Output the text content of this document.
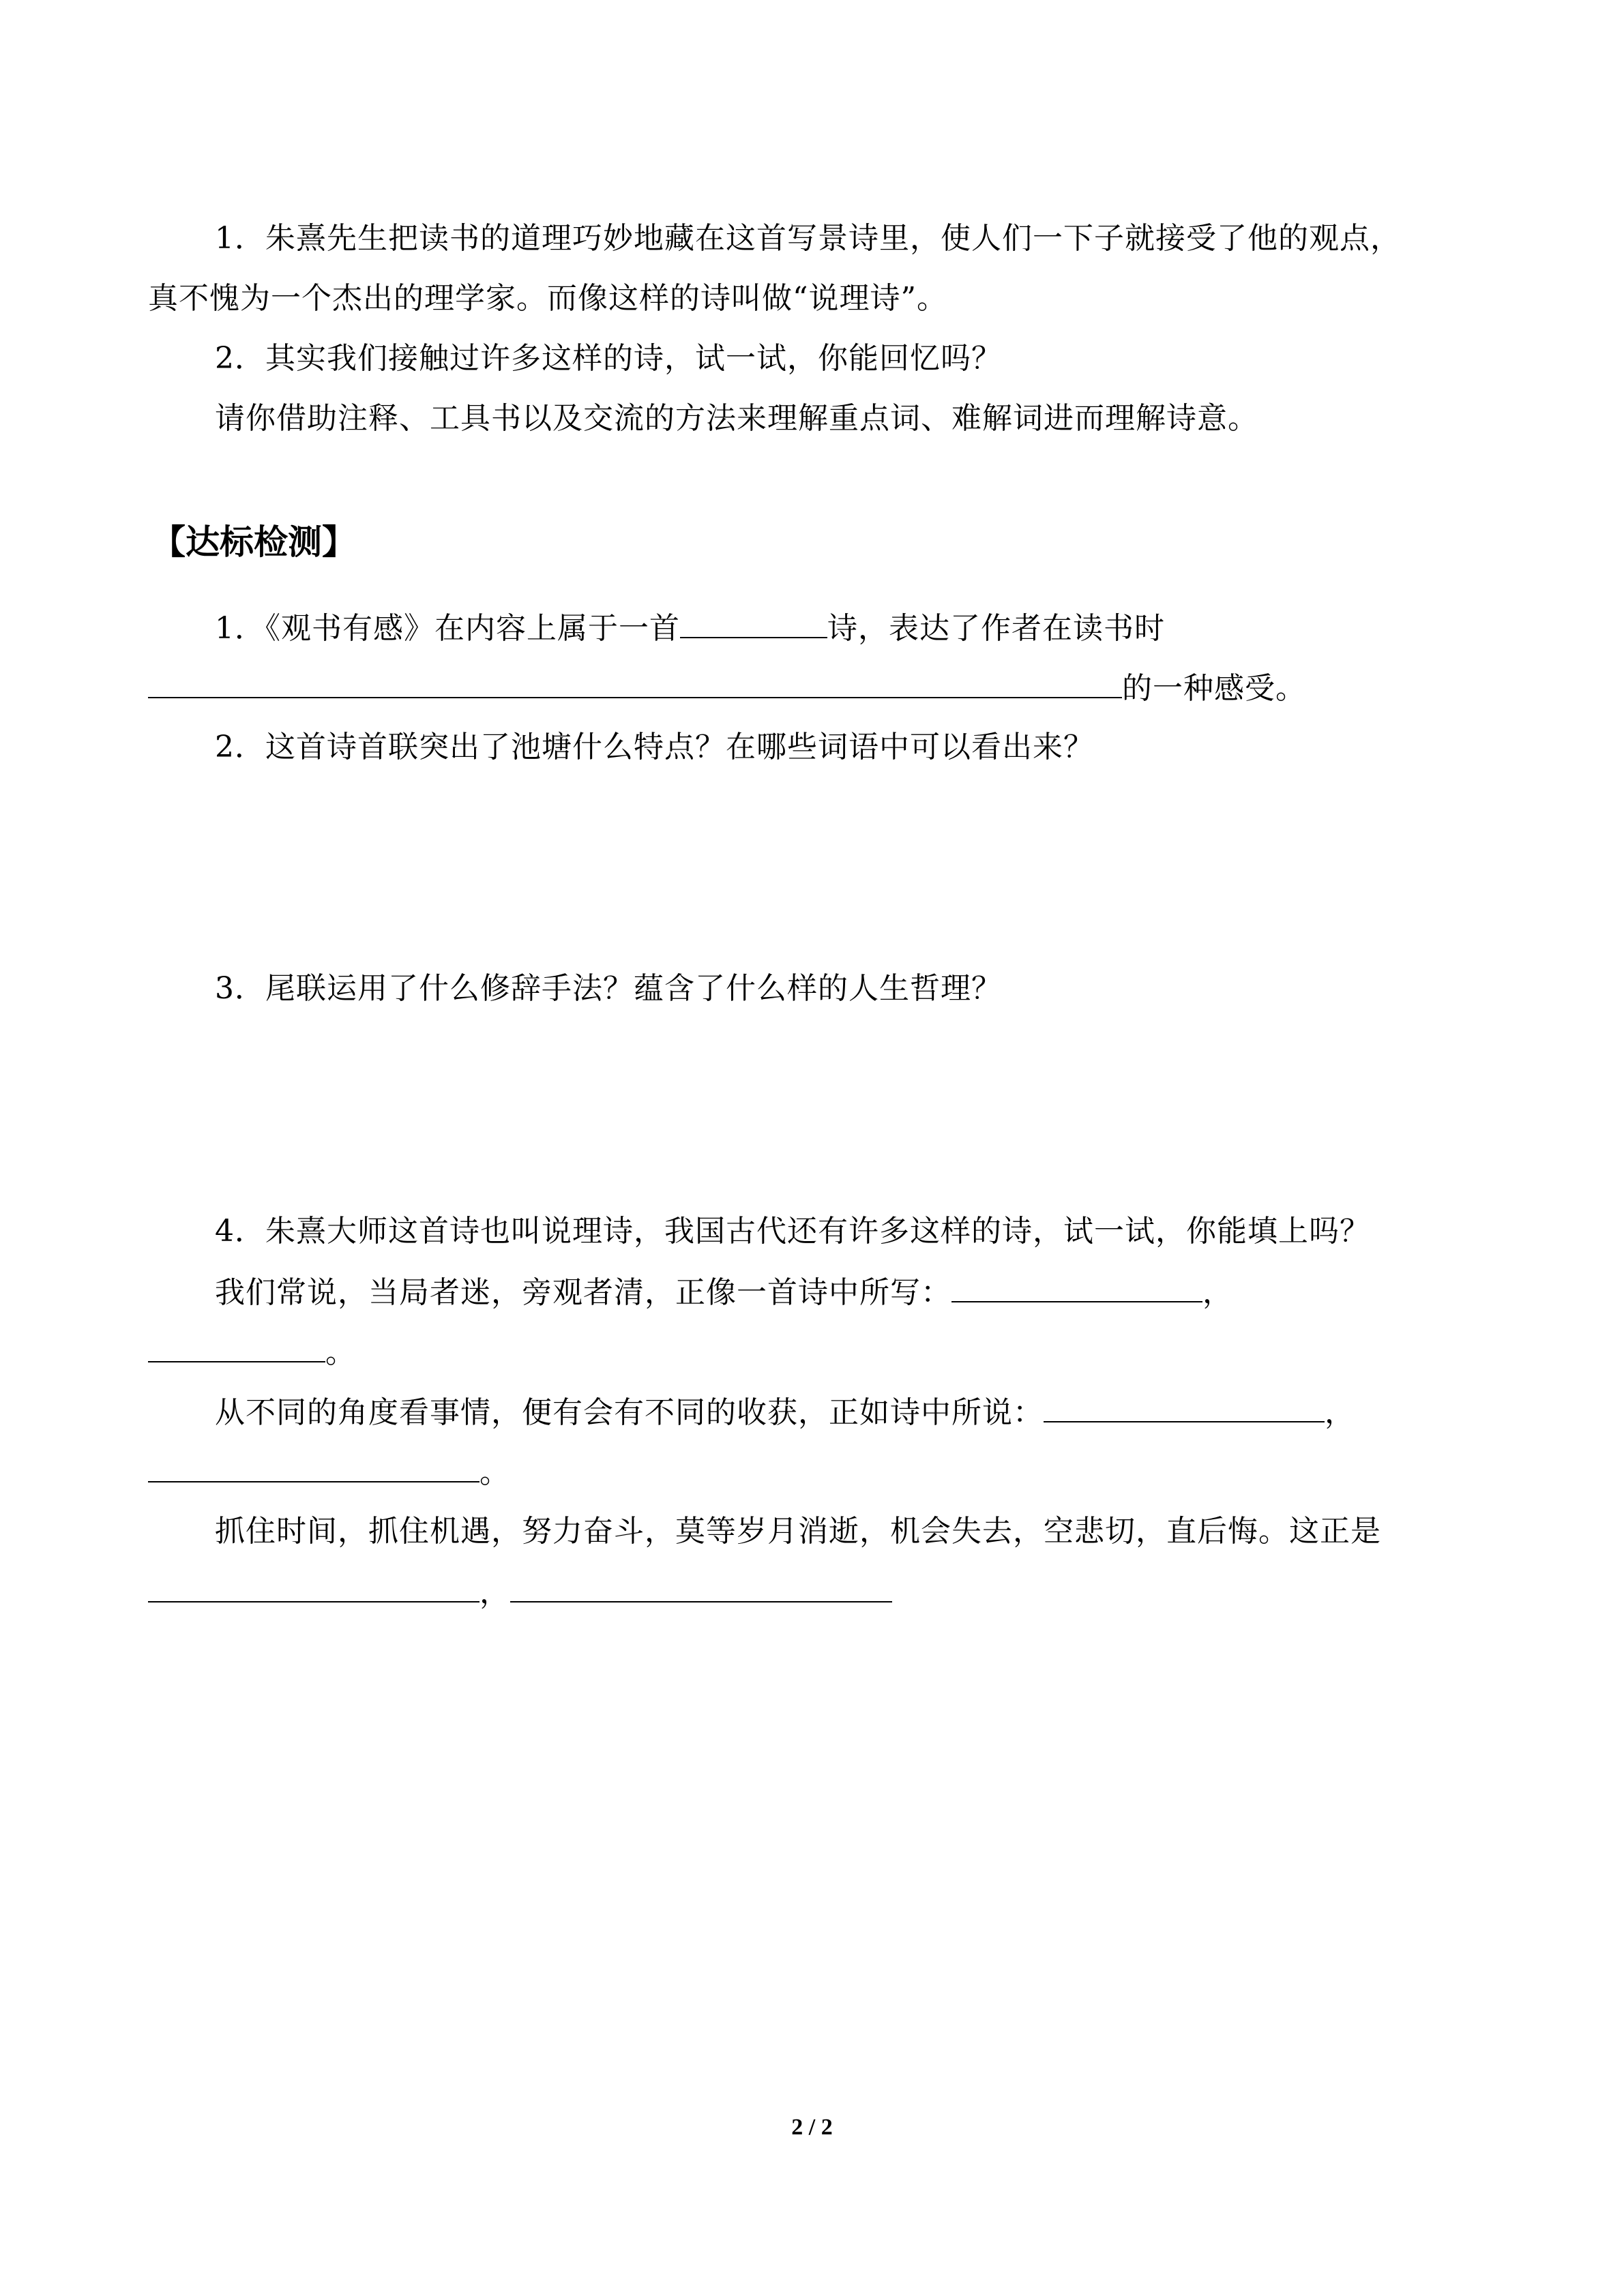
1．朱熹先生把读书的道理巧妙地藏在这首写景诗里，使人们一下子就接受了他的观点，
真不愧为一个杰出的理学家。而像这样的诗叫做“说理诗”。
2．其实我们接触过许多这样的诗，试一试，你能回忆吗？
请你借助注释、工具书以及交流的方法来理解重点词、难解词进而理解诗意。
【达标检测】
1．《观书有感》在内容上属于一首	诗，表达了作者在读书时
的一种感受。
2．这首诗首联突出了池塘什么特点？在哪些词语中可以看出来？
3．尾联运用了什么修辞手法？蕴含了什么样的人生哲理？
4．朱熹大师这首诗也叫说理诗，我国古代还有许多这样的诗，试一试，你能填上吗？
我们常说，当局者迷，旁观者清，正像一首诗中所写：	，
。
从不同的角度看事情，便有会有不同的收获，正如诗中所说：	，
。
抓住时间，抓住机遇，努力奋斗，莫等岁月消逝，机会失去，空悲切，直后悔。这正是
，
2 / 2
